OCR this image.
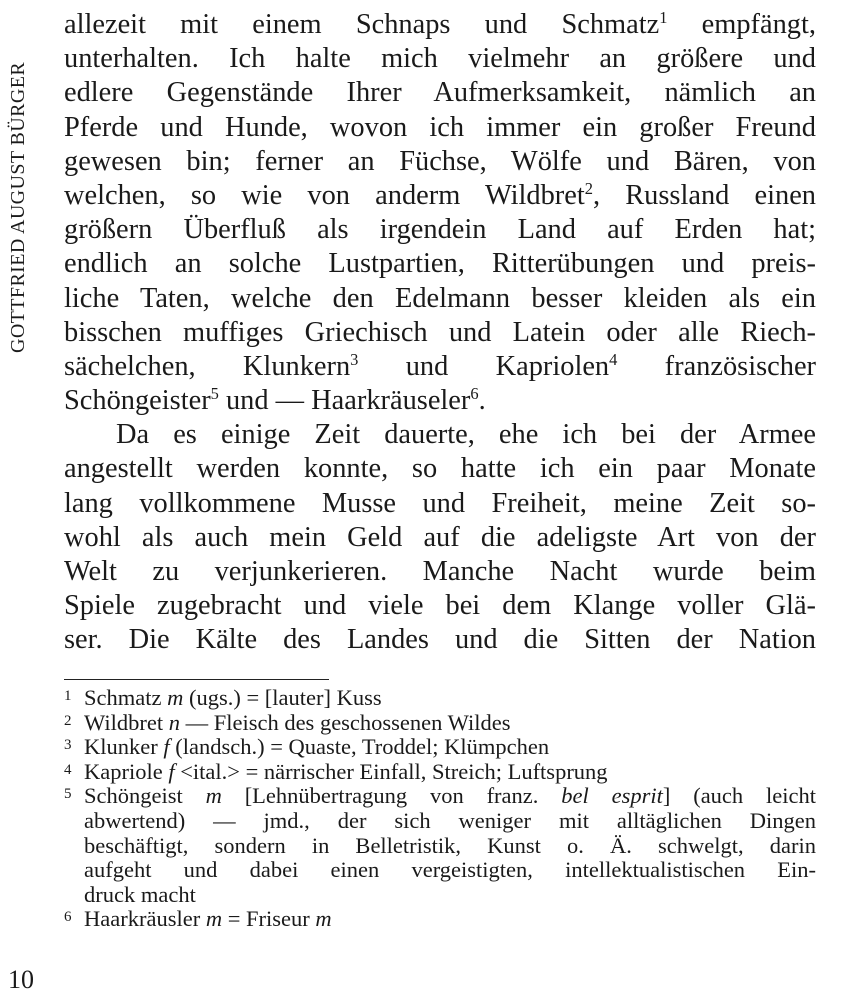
GOTTFRIED AUGUST BÜRGER
allezeit mit einem Schnaps und Schmatz$^1$ empfängt,
unterhalten. Ich halte mich vielmehr an größere und
edlere Gegenstände Ihrer Aufmerksamkeit, nämlich an
Pferde und Hunde, wovon ich immer ein großer Freund
gewesen bin; ferner an Füchse, Wölfe und Bären, von
welchen, so wie von anderm Wildbret$^2$, Russland einen
größern Überfluß als irgendein Land auf Erden hat;
endlich an solche Lustpartien, Ritterübungen und preis-
liche Taten, welche den Edelmann besser kleiden als ein
bisschen muffiges Griechisch und Latein oder alle Riech-
sächelchen, Klunkern$^3$ und Kapriolen$^4$ französischer
Schöngeister$^5$ und — Haarkräuseler$^6$.
Da es einige Zeit dauerte, ehe ich bei der Armee
angestellt werden konnte, so hatte ich ein paar Monate
lang vollkommene Musse und Freiheit, meine Zeit so-
wohl als auch mein Geld auf die adeligste Art von der
Welt zu verjunkerieren. Manche Nacht wurde beim
Spiele zugebracht und viele bei dem Klange voller Glä-
ser. Die Kälte des Landes und die Sitten der Nation
1 Schmatz m (ugs.) = [lauter] Kuss
2 Wildbret n — Fleisch des geschossenen Wildes
3 Klunker f (landsch.) = Quaste, Troddel; Klümpchen
4 Kapriole f <ital.> = närrischer Einfall, Streich; Luftsprung
5 Schöngeist m [Lehnübertragung von franz. bel esprit] (auch leicht
abwertend) — jmd., der sich weniger mit alltäglichen Dingen
beschäftigt, sondern in Belletristik, Kunst o. Ä. schwelgt, darin
aufgeht und dabei einen vergeistigten, intellektualistischen Ein-
druck macht
6 Haarkräusler m = Friseur m
10
